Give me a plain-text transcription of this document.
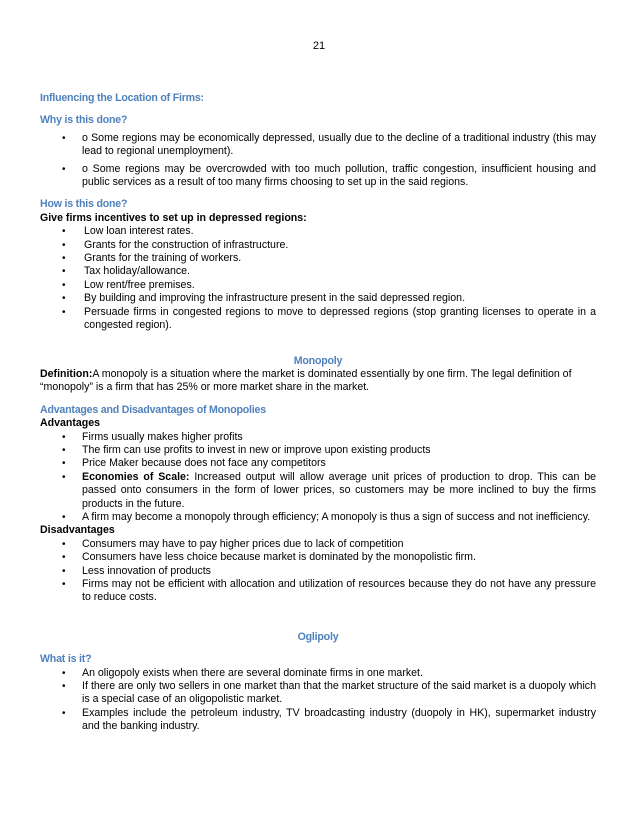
21
Influencing the Location of Firms:
Why is this done?
• o Some regions may be economically depressed, usually due to the decline of a traditional industry (this may lead to regional unemployment).
• o Some regions may be overcrowded with too much pollution, traffic congestion, insufficient housing and public services as a result of too many firms choosing to set up in the said regions.
How is this done?
Give firms incentives to set up in depressed regions:
• Low loan interest rates.
• Grants for the construction of infrastructure.
• Grants for the training of workers.
• Tax holiday/allowance.
• Low rent/free premises.
• By building and improving the infrastructure present in the said depressed region.
• Persuade firms in congested regions to move to depressed regions (stop granting licenses to operate in a congested region).
Monopoly
Definition:A monopoly is a situation where the market is dominated essentially by one firm. The legal definition of “monopoly” is a firm that has 25% or more market share in the market.
Advantages and Disadvantages of Monopolies
Advantages
• Firms usually makes higher profits
• The firm can use profits to invest in new or improve upon existing products
• Price Maker because does not face any competitors
• Economies of Scale: Increased output will allow average unit prices of production to drop. This can be passed onto consumers in the form of lower prices, so customers may be more inclined to buy the firms products in the future.
• A firm may become a monopoly through efficiency; A monopoly is thus a sign of success and not inefficiency.
Disadvantages
• Consumers may have to pay higher prices due to lack of competition
• Consumers have less choice because market is dominated by the monopolistic firm.
• Less innovation of products
• Firms may not be efficient with allocation and utilization of resources because they do not have any pressure to reduce costs.
Oglipoly
What is it?
• An oligopoly exists when there are several dominate firms in one market.
• If there are only two sellers in one market than that the market structure of the said market is a duopoly which is a special case of an oligopolistic market.
• Examples include the petroleum industry, TV broadcasting industry (duopoly in HK), supermarket industry and the banking industry.
